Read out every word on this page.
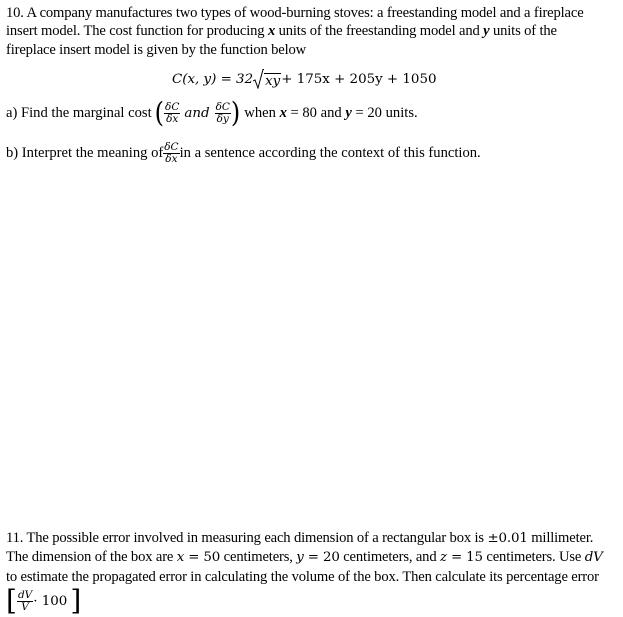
10. A company manufactures two types of wood-burning stoves: a freestanding model and a fireplace

insert model. The cost function for producing x units of the freestanding model and y units of the

fireplace insert model is given by the function below

C(x, y) = 32 xy + 175x + 205y + 1050
a) Find the marginal cost ( $\frac{\delta C}{\delta x}$ and $\frac{\delta C}{\delta y}$ ) when x = 80 and y = 20 units.
b) Interpret the meaning of $\frac{\delta C}{\delta x}$ in a sentence according the context of this function.

11. The possible error involved in measuring each dimension of a rectangular box is ±0.01 millimeter.

The dimension of the box are x = 50 centimeters, y = 20 centimeters, and z = 15 centimeters. Use dV

to estimate the propagated error in calculating the volume of the box. Then calculate its percentage error

[ $\frac{dV}{V} \cdot 100$ ]
